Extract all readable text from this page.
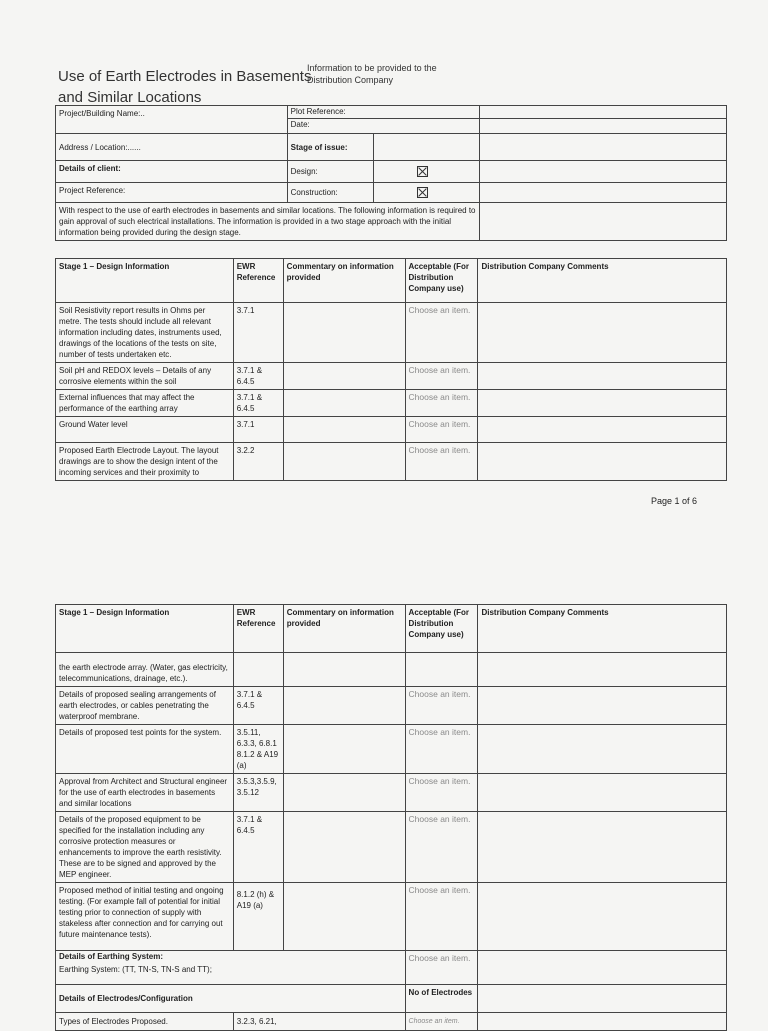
Use of Earth Electrodes in Basements
and Similar Locations
Information to be provided to the
Distribution Company
Project/Building Name:..	Plot Reference:		
	Date:		
Address / Location:......	Stage of issue:		
Details of client:	Design:		
Project Reference:	Construction:		
With respect to the use of earth electrodes in basements and similar locations. The following information is required to gain approval of such electrical installations. The information is provided in a two stage approach with the initial information being provided during the design stage.			
Stage 1 – Design Information	EWR Reference	Commentary on information provided	Acceptable (For Distribution Company use)	Distribution Company Comments
Soil Resistivity report results in Ohms per metre. The tests should include all relevant information including dates, instruments used, drawings of the locations of the tests on site, number of tests undertaken etc.	3.7.1		Choose an item.	
Soil pH and REDOX levels – Details of any corrosive elements within the soil	3.7.1 & 6.4.5		Choose an item.	
External influences that may affect the performance of the earthing array	3.7.1 & 6.4.5		Choose an item.	
Ground Water level	3.7.1		Choose an item.	
Proposed Earth Electrode Layout. The layout drawings are to show the design intent of the incoming services and their proximity to	3.2.2		Choose an item.	
Page 1 of 6
Stage 1 – Design Information	EWR Reference	Commentary on information provided	Acceptable (For Distribution Company use)	Distribution Company Comments
the earth electrode array. (Water, gas electricity, telecommunications, drainage, etc.).				
Details of proposed sealing arrangements of earth electrodes, or cables penetrating the waterproof membrane.	3.7.1 & 6.4.5		Choose an item.	
Details of proposed test points for the system.	3.5.11, 6.3.3, 6.8.1 8.1.2 & A19 (a)		Choose an item.	
Approval from Architect and Structural engineer for the use of earth electrodes in basements and similar locations	3.5.3,3.5.9, 3.5.12		Choose an item.	
Details of the proposed equipment to be specified for the installation including any corrosive protection measures or enhancements to improve the earth resistivity. These are to be signed and approved by the MEP engineer.	3.7.1 & 6.4.5		Choose an item.	
Proposed method of initial testing and ongoing testing. (For example fall of potential for initial testing prior to connection of supply with stakeless after connection and for carrying out future maintenance tests).	8.1.2 (h) & A19 (a)		Choose an item.	

Details of Earthing System:
Earthing System: (TT, TN-S, TN-S and TT);			Choose an item.	
Details of Electrodes/Configuration			No of Electrodes	
Types of Electrodes Proposed.	3.2.3, 6.21,		Choose an item.	
